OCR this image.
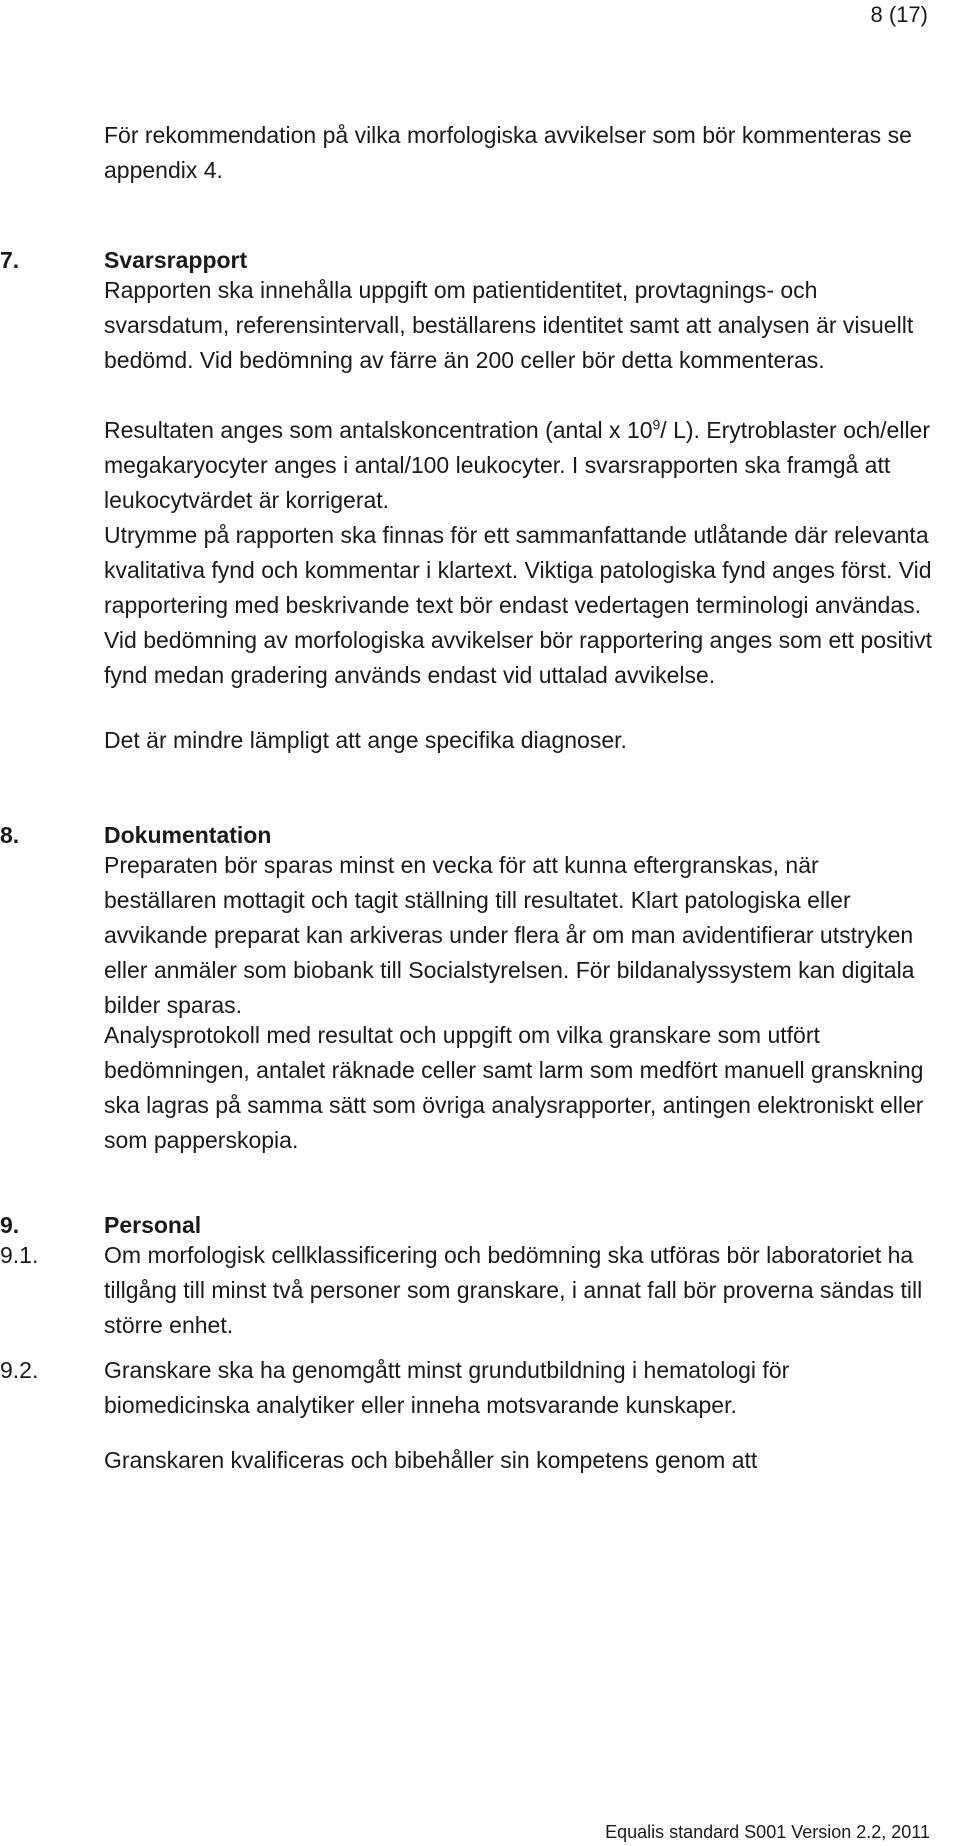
8 (17)

För rekommendation på vilka morfologiska avvikelser som bör kommenteras se appendix 4.

7.	Svarsrapport

Rapporten ska innehålla uppgift om patientidentitet, provtagnings- och svarsdatum, referensintervall, beställarens identitet samt att analysen är visuellt bedömd. Vid bedömning av färre än 200 celler bör detta kommenteras.

Resultaten anges som antalskoncentration (antal x $10^9/$ L). Erytroblaster och/eller megakaryocyter anges i antal/100 leukocyter. I svarsrapporten ska framgå att leukocytvärdet är korrigerat.

Utrymme på rapporten ska finnas för ett sammanfattande utlåtande där relevanta kvalitativa fynd och kommentar i klartext. Viktiga patologiska fynd anges först. Vid rapportering med beskrivande text bör endast vedertagen terminologi användas. Vid bedömning av morfologiska avvikelser bör rapportering anges som ett positivt fynd medan gradering används endast vid uttalad avvikelse.

Det är mindre lämpligt att ange specifika diagnoser.

8.	Dokumentation

Preparaten bör sparas minst en vecka för att kunna eftergranskas, när beställaren mottagit och tagit ställning till resultatet. Klart patologiska eller avvikande preparat kan arkiveras under flera år om man avidentifierar utstryken eller anmäler som biobank till Socialstyrelsen. För bildanalyssystem kan digitala bilder sparas.

Analysprotokoll med resultat och uppgift om vilka granskare som utfört bedömningen, antalet räknade celler samt larm som medfört manuell granskning ska lagras på samma sätt som övriga analysrapporter, antingen elektroniskt eller som papperskopia.

9.	Personal

9.1.	Om morfologisk cellklassificering och bedömning ska utföras bör laboratoriet ha tillgång till minst två personer som granskare, i annat fall bör proverna sändas till större enhet.

9.2.	Granskare ska ha genomgått minst grundutbildning i hematologi för biomedicinska analytiker eller inneha motsvarande kunskaper.

Granskaren kvalificeras och bibehåller sin kompetens genom att

Equalis standard S001 Version 2.2, 2011
